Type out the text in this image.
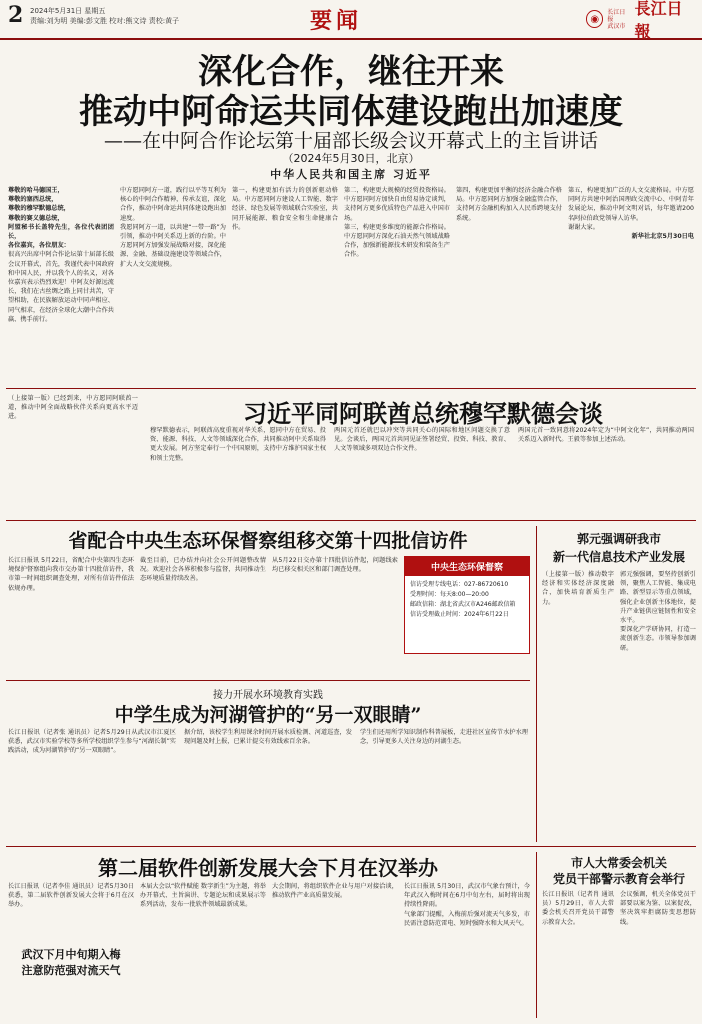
2 2024年5月31日 星期五
责编:刘为明 美编:彭文胜 校对:熊文诗 责校:黄子	要闻	◉
长江日报
武汉市
長江日報
深化合作，继往开来
推动中阿命运共同体建设跑出加速度
——在中阿合作论坛第十届部长级会议开幕式上的主旨讲话
（2024年5月30日，北京）
中华人民共和国主席 习近平
尊敬的哈马德国王，
尊敬的塞西总统，
尊敬的穆罕默德总统，
尊敬的赛义德总统，
阿盟秘书长盖特先生，各位代表团团长，
各位嘉宾，各位朋友：
很高兴出席中阿合作论坛第十届部长级会议开幕式，首先，我谨代表中国政府和中国人民，并以我个人的名义，对各位嘉宾表示热烈欢迎！中阿友好源远流长，我们在古丝绸之路上同甘共苦，守望相助，在民族解放运动中同声相应、同气相求，在经济全球化大潮中合作共赢、携手前行。
中方愿同阿方一道，践行以平等互利为核心的中阿合作精神，传承友谊，深化合作，推动中阿命运共同体建设跑出加速度。
我愿同阿方一道，以共建“一带一路”为引领，推动中阿关系迈上新的台阶。中方愿同阿方加强发展战略对接，深化能源、金融、基础设施建设等领域合作，扩大人文交流规模。
第一，构建更加有活力的创新驱动格局。中方愿同阿方建设人工智能、数字经济、绿色发展等领域联合实验室，共同开展能源、粮食安全和生命健康合作。
第二，构建更大规模的经贸投资格局。中方愿同阿方加快自由贸易协定谈判，支持阿方更多优质特色产品进入中国市场。
第三，构建更多维度的能源合作格局。中方愿同阿方深化石油天然气领域战略合作，加强新能源技术研发和装备生产合作。
第四，构建更加平衡的经济金融合作格局。中方愿同阿方加强金融监管合作，支持阿方金融机构加入人民币跨境支付系统。
第五，构建更加广泛的人文交流格局。中方愿同阿方共建中阿治国理政交流中心、中阿青年发展论坛，推动中阿文明对话，每年邀请200名阿拉伯政党领导人访华。
谢谢大家。
新华社北京5月30日电
（上接第一版）已经到来，中方愿同阿联酋一道，推动中阿全面战略伙伴关系向更高水平迈进。	习近平同阿联酋总统穆罕默德会谈
穆罕默德表示，阿联酋高度重视对华关系，愿同中方在贸易、投资、能源、科技、人文等领域深化合作，共同推动阿中关系取得更大发展。阿方坚定奉行一个中国原则，支持中方维护国家主权和领土完整。
两国元首还就巴以冲突等共同关心的国际和地区问题交换了意见。会谈后，两国元首共同见证签署经贸、投资、科技、教育、人文等领域多项双边合作文件。
两国元首一致同意将2024年定为“中阿文化年”，共同推动两国关系迈入新时代。王毅等参加上述活动。
省配合中央生态环保督察组移交第十四批信访件
长江日报讯 5月22日，省配合中央第四生态环境保护督察组向我市交办第十四批信访件，我市第一时间组织调查处理，对所有信访件依法依规办理。
截至目前，已办结并向社会公开问题整改情况。欢迎社会各界积极参与监督，共同推动生态环境质量持续改善。
从5月22日交办第十四批信访件起，问题线索均已移交相关区和部门调查处理。	中央生态环保督察
信访受理专线电话：027-86720610
受理时间：每天8:00—20:00
邮政信箱：湖北省武汉市A246邮政信箱
信访受理截止时间：2024年6月22日
郭元强调研我市
新一代信息技术产业发展
（上接第一版）推动数字经济和实体经济深度融合，加快培育新质生产力。
郭元强强调，要坚持创新引领，聚焦人工智能、集成电路、新型显示等重点领域，强化企业创新主体地位，提升产业链供应链韧性和安全水平。
要深化产学研协同，打造一流创新生态。市领导参加调研。
接力开展水环境教育实践
中学生成为河湖管护的“另一双眼睛”
长江日报讯（记者张 通讯员）记者5月29日从武汉市江夏区获悉，武汉市实验学校等多所学校组织学生参与“河湖长制”实践活动，成为河湖管护的“另一双眼睛”。
据介绍，该校学生利用课余时间开展水质检测、河道巡查，发现问题及时上报，已累计提交有效线索百余条。
学生们还用所学知识制作科普展板，走进社区宣传节水护水理念，引导更多人关注身边的河湖生态。
第二届软件创新发展大会下月在汉举办
长江日报讯（记者李佳 通讯员）记者5月30日获悉，第二届软件创新发展大会将于6月在汉举办。
本届大会以“软件赋能 数字新生”为主题，将举办开幕式、主旨演讲、专题论坛和成果展示等系列活动，发布一批软件领域最新成果。
大会期间，将组织软件企业与用户对接洽谈，推动软件产业高质量发展。
市人大常委会机关
党员干部警示教育会举行
长江日报讯（记者肖 通讯员）5月29日，市人大常委会机关召开党员干部警示教育大会。
会议强调，机关全体党员干部要以案为鉴、以案促改，坚决筑牢拒腐防变思想防线。
武汉下月中旬期入梅
注意防范强对流天气
长江日报讯 5月30日，武汉市气象台预计，今年武汉入梅时间在6月中旬左右，届时将出现持续性降雨。
气象部门提醒，入梅前后强对流天气多发，市民需注意防范雷电、短时强降水和大风天气。
